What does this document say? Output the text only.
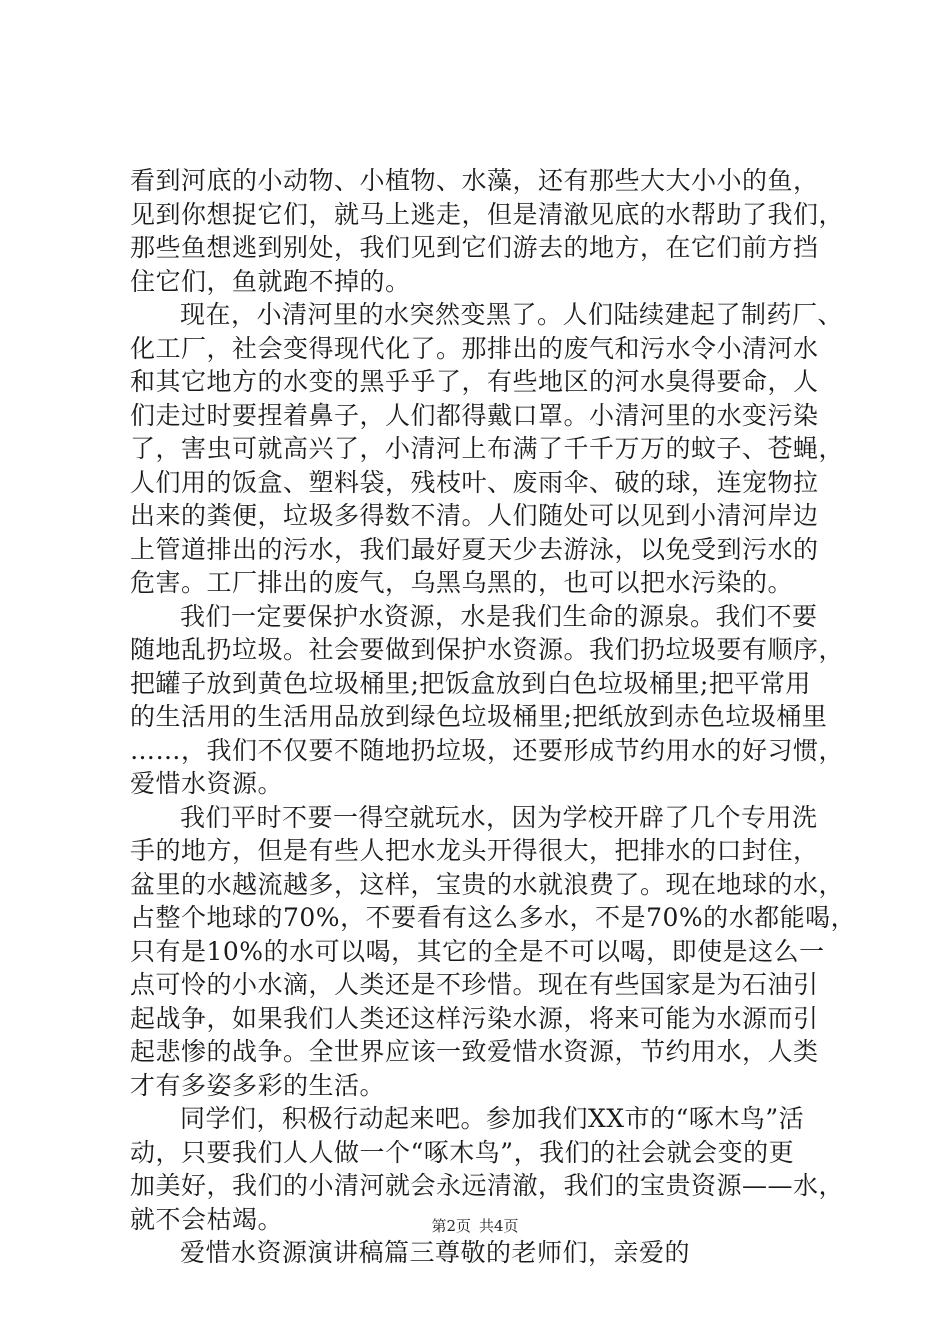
看到河底的小动物、小植物、水藻，还有那些大大小小的鱼，
见到你想捉它们，就马上逃走，但是清澈见底的水帮助了我们，
那些鱼想逃到别处，我们见到它们游去的地方，在它们前方挡
住它们，鱼就跑不掉的。
现在，小清河里的水突然变黑了。人们陆续建起了制药厂、
化工厂，社会变得现代化了。那排出的废气和污水令小清河水
和其它地方的水变的黑乎乎了，有些地区的河水臭得要命，人
们走过时要捏着鼻子，人们都得戴口罩。小清河里的水变污染
了，害虫可就高兴了，小清河上布满了千千万万的蚊子、苍蝇，
人们用的饭盒、塑料袋，残枝叶、废雨伞、破的球，连宠物拉
出来的粪便，垃圾多得数不清。人们随处可以见到小清河岸边
上管道排出的污水，我们最好夏天少去游泳，以免受到污水的
危害。工厂排出的废气，乌黑乌黑的，也可以把水污染的。
我们一定要保护水资源，水是我们生命的源泉。我们不要
随地乱扔垃圾。社会要做到保护水资源。我们扔垃圾要有顺序，
把罐子放到黄色垃圾桶里;把饭盒放到白色垃圾桶里;把平常用
的生活用的生活用品放到绿色垃圾桶里;把纸放到赤色垃圾桶里
……，我们不仅要不随地扔垃圾，还要形成节约用水的好习惯，
爱惜水资源。
我们平时不要一得空就玩水，因为学校开辟了几个专用洗
手的地方，但是有些人把水龙头开得很大，把排水的口封住，
盆里的水越流越多，这样，宝贵的水就浪费了。现在地球的水，
占整个地球的70%，不要看有这么多水，不是70%的水都能喝，
只有是10%的水可以喝，其它的全是不可以喝，即使是这么一
点可怜的小水滴，人类还是不珍惜。现在有些国家是为石油引
起战争，如果我们人类还这样污染水源，将来可能为水源而引
起悲惨的战争。全世界应该一致爱惜水资源，节约用水，人类
才有多姿多彩的生活。
同学们，积极行动起来吧。参加我们XX市的“啄木鸟”活
动，只要我们人人做一个“啄木鸟”，我们的社会就会变的更
加美好，我们的小清河就会永远清澈，我们的宝贵资源——水，
就不会枯竭。
爱惜水资源演讲稿篇三尊敬的老师们，亲爱的
第2页 共4页
